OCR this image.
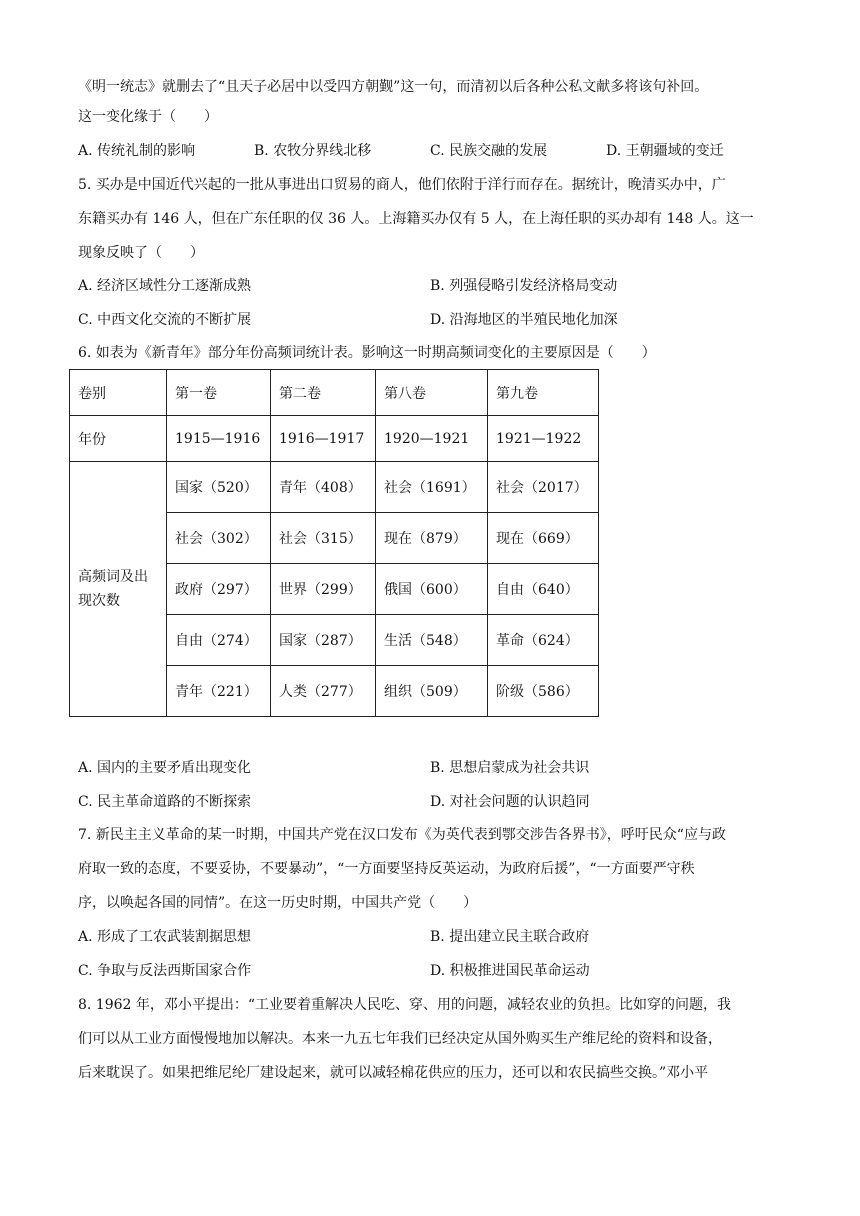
《明一统志》就删去了“且天子必居中以受四方朝觐”这一句，而清初以后各种公私文献多将该句补回。
这一变化缘于（　　）
A. 传统礼制的影响	B. 农牧分界线北移	C. 民族交融的发展	D. 王朝疆域的变迁
5. 买办是中国近代兴起的一批从事进出口贸易的商人，他们依附于洋行而存在。据统计，晚清买办中，广
东籍买办有 146 人，但在广东任职的仅 36 人。上海籍买办仅有 5 人，在上海任职的买办却有 148 人。这一
现象反映了（　　）
A. 经济区域性分工逐渐成熟	B. 列强侵略引发经济格局变动
C. 中西文化交流的不断扩展	D. 沿海地区的半殖民地化加深
6. 如表为《新青年》部分年份高频词统计表。影响这一时期高频词变化的主要原因是（　　）
卷别	第一卷	第二卷	第八卷	第九卷
年份	1915—1916	1916—1917	1920—1921	1921—1922
高频词及出
现次数	国家（520）	青年（408）	社会（1691）	社会（2017）
	社会（302）	社会（315）	现在（879）	现在（669）
	政府（297）	世界（299）	俄国（600）	自由（640）
	自由（274）	国家（287）	生活（548）	革命（624）
	青年（221）	人类（277）	组织（509）	阶级（586）
A. 国内的主要矛盾出现变化	B. 思想启蒙成为社会共识
C. 民主革命道路的不断探索	D. 对社会问题的认识趋同
7. 新民主主义革命的某一时期，中国共产党在汉口发布《为英代表到鄂交涉告各界书》，呼吁民众“应与政
府取一致的态度，不要妥协，不要暴动”，“一方面要坚持反英运动，为政府后援”，“一方面要严守秩
序，以唤起各国的同情”。在这一历史时期，中国共产党（　　）
A. 形成了工农武装割据思想	B. 提出建立民主联合政府
C. 争取与反法西斯国家合作	D. 积极推进国民革命运动
8. 1962 年，邓小平提出：“工业要着重解决人民吃、穿、用的问题，减轻农业的负担。比如穿的问题，我
们可以从工业方面慢慢地加以解决。本来一九五七年我们已经决定从国外购买生产维尼纶的资料和设备，
后来耽误了。如果把维尼纶厂建设起来，就可以减轻棉花供应的压力，还可以和农民搞些交换。”邓小平
